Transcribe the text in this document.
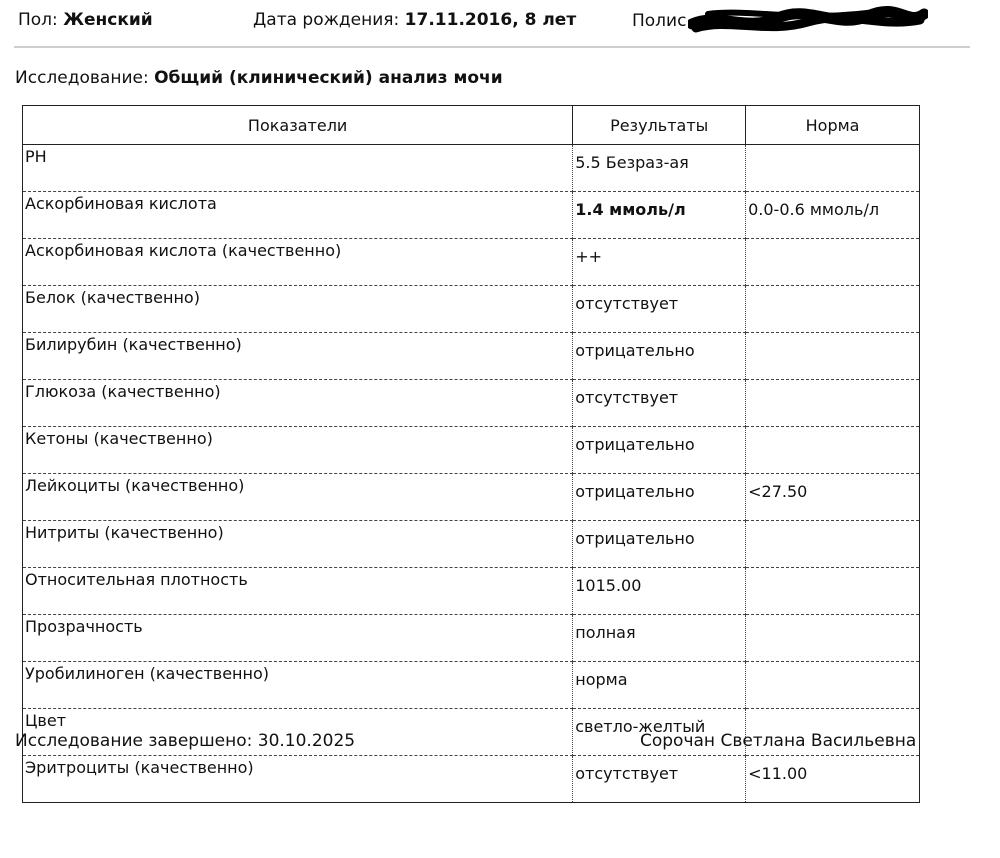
Пол: Женский	Дата рождения: 17.11.2016, 8 лет	Полис
Исследование: Общий (клинический) анализ мочи
Показатели	Результаты	Норма
PH	5.5 Безраз-ая	
Аскорбиновая кислота	1.4 ммоль/л	0.0-0.6 ммоль/л
Аскорбиновая кислота (качественно)	++	
Белок (качественно)	отсутствует	
Билирубин (качественно)	отрицательно	
Глюкоза (качественно)	отсутствует	
Кетоны (качественно)	отрицательно	
Лейкоциты (качественно)	отрицательно	<27.50
Нитриты (качественно)	отрицательно	
Относительная плотность	1015.00	
Прозрачность	полная	
Уробилиноген (качественно)	норма	
Цвет	светло-желтый	
Эритроциты (качественно)	отсутствует	<11.00
Исследование завершено: 30.10.2025	Сорочан Светлана Васильевна
